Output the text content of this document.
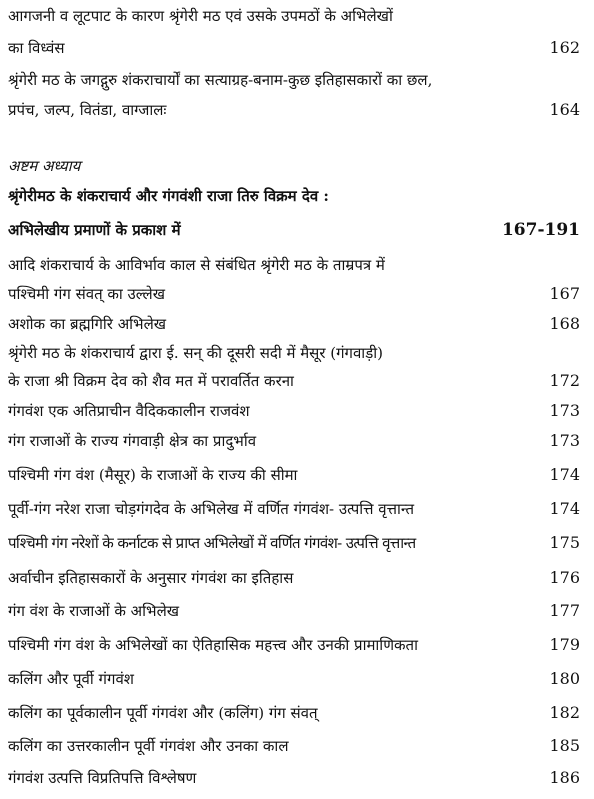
आगजनी व लूटपाट के कारण श्रृंगेरी मठ एवं उसके उपमठों के अभिलेखों
का विध्वंस	162
श्रृंगेरी मठ के जगद्गुरु शंकराचार्यों का सत्याग्रह-बनाम-कुछ इतिहासकारों का छल,
प्रपंच, जल्प, वितंडा, वाग्जालः	164
अष्टम अध्याय
श्रृंगेरीमठ के शंकराचार्य और गंगवंशी राजा तिरु विक्रम देव :
अभिलेखीय प्रमाणों के प्रकाश में	167-191
आदि शंकराचार्य के आविर्भाव काल से संबंधित श्रृंगेरी मठ के ताम्रपत्र में
पश्चिमी गंग संवत् का उल्लेख	167
अशोक का ब्रह्मगिरि अभिलेख	168
श्रृंगेरी मठ के शंकराचार्य द्वारा ई. सन् की दूसरी सदी में मैसूर (गंगवाड़ी)
के राजा श्री विक्रम देव को शैव मत में परावर्तित करना	172
गंगवंश एक अतिप्राचीन वैदिककालीन राजवंश	173
गंग राजाओं के राज्य गंगवाड़ी क्षेत्र का प्रादुर्भाव	173
पश्चिमी गंग वंश (मैसूर) के राजाओं के राज्य की सीमा	174
पूर्वी-गंग नरेश राजा चोड़गंगदेव के अभिलेख में वर्णित गंगवंश- उत्पत्ति वृत्तान्त	174
पश्चिमी गंग नरेशों के कर्नाटक से प्राप्त अभिलेखों में वर्णित गंगवंश- उत्पत्ति वृत्तान्त	175
अर्वाचीन इतिहासकारों के अनुसार गंगवंश का इतिहास	176
गंग वंश के राजाओं के अभिलेख	177
पश्चिमी गंग वंश के अभिलेखों का ऐतिहासिक महत्त्व और उनकी प्रामाणिकता	179
कलिंग और पूर्वी गंगवंश	180
कलिंग का पूर्वकालीन पूर्वी गंगवंश और (कलिंग) गंग संवत्	182
कलिंग का उत्तरकालीन पूर्वी गंगवंश और उनका काल	185
गंगवंश उत्पत्ति विप्रतिपत्ति विश्लेषण	186
